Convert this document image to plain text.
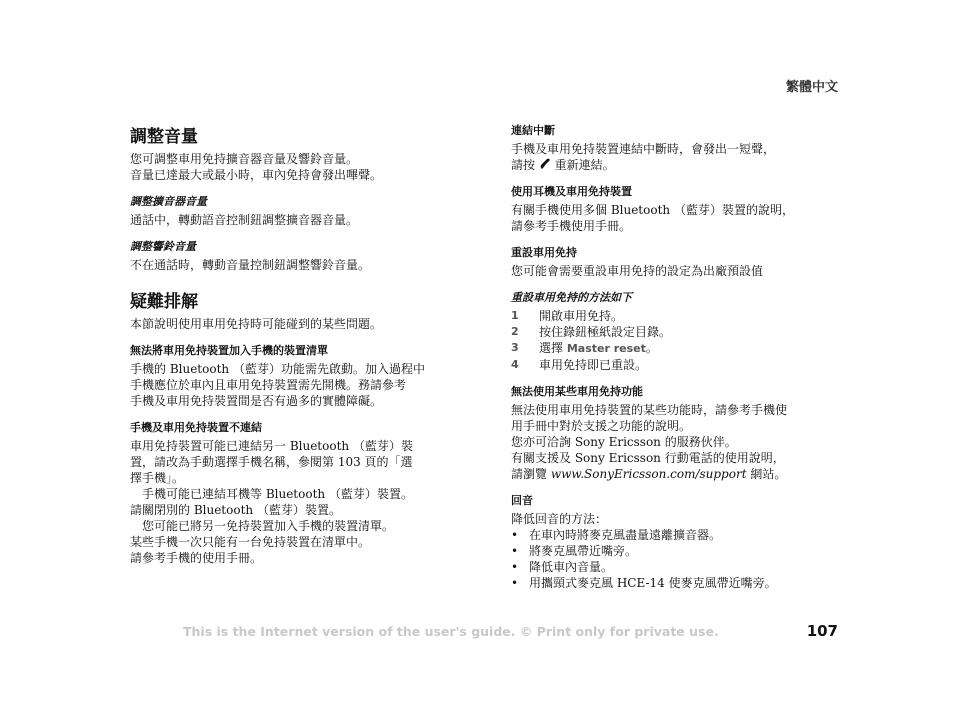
繁體中文
調整音量

您可調整車用免持擴音器音量及響鈴音量。

音量已達最大或最小時，車內免持會發出嗶聲。

調整擴音器音量

通話中，轉動語音控制鈕調整擴音器音量。

調整響鈴音量

不在通話時，轉動音量控制鈕調整響鈴音量。

疑難排解

本節說明使用車用免持時可能碰到的某些問題。

無法將車用免持裝置加入手機的裝置清單

手機的 Bluetooth （藍芽）功能需先啟動。加入過程中

手機應位於車內且車用免持裝置需先開機。務請參考

手機及車用免持裝置間是否有過多的實體障礙。

手機及車用免持裝置不連結

車用免持裝置可能已連結另一 Bluetooth （藍芽）裝

置，請改為手動選擇手機名稱，參閱第 103 頁的「選

擇手機」。

手機可能已連結耳機等 Bluetooth （藍芽）裝置。

請關閉別的 Bluetooth （藍芽）裝置。

您可能已將另一免持裝置加入手機的裝置清單。

某些手機一次只能有一台免持裝置在清單中。

請參考手機的使用手冊。

連結中斷

手機及車用免持裝置連結中斷時，會發出一短聲，

請按 重新連結。

使用耳機及車用免持裝置

有關手機使用多個 Bluetooth （藍芽）裝置的說明，

請參考手機使用手冊。

重設車用免持

您可能會需要重設車用免持的設定為出廠預設值

重設車用免持的方法如下
1	開啟車用免持。
2	按住錄鈕極紙設定目錄。
3	選擇 Master reset。
4	車用免持即已重設。
無法使用某些車用免持功能

無法使用車用免持裝置的某些功能時，請參考手機使

用手冊中對於支援之功能的說明。

您亦可洽詢 Sony Ericsson 的服務伙伴。

有關支援及 Sony Ericsson 行動電話的使用說明，

請瀏覽 www.SonyEricsson.com/support 網站。

回音

降低回音的方法：

• 在車內時將麥克風盡量遠離擴音器。
• 將麥克風帶近嘴旁。
• 降低車內音量。
• 用攜頸式麥克風 HCE-14 使麥克風帶近嘴旁。
This is the Internet version of the user's guide. © Print only for private use.	107
